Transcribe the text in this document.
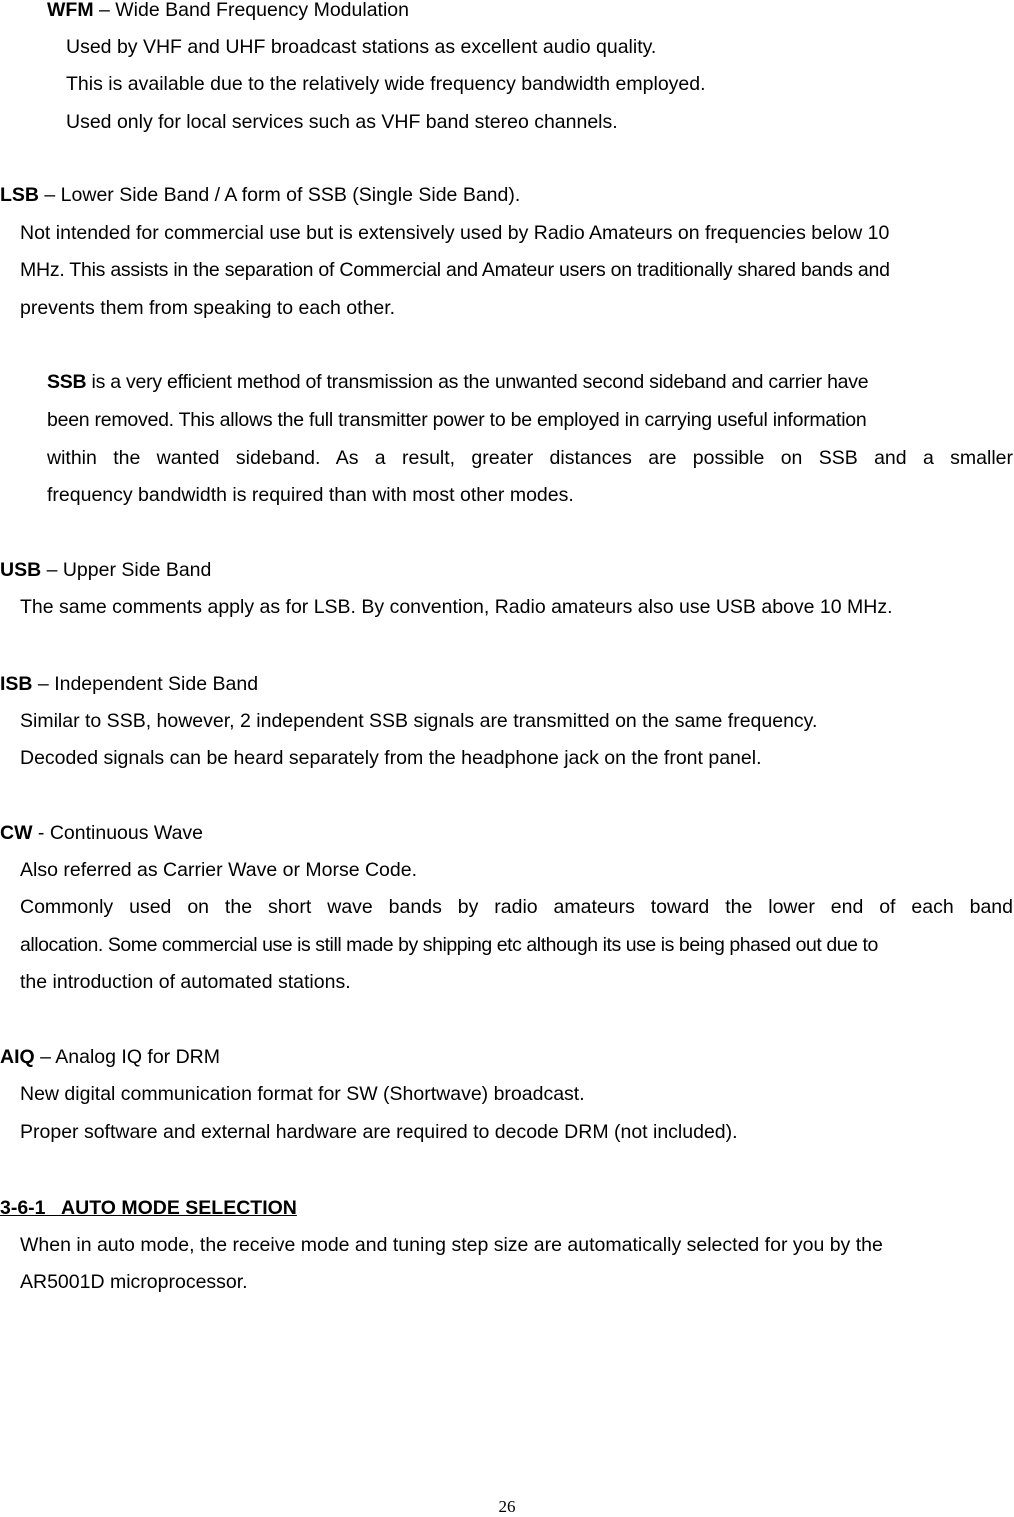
WFM – Wide Band Frequency Modulation
Used by VHF and UHF broadcast stations as excellent audio quality.
This is available due to the relatively wide frequency bandwidth employed.
Used only for local services such as VHF band stereo channels.
LSB – Lower Side Band / A form of SSB (Single Side Band).
Not intended for commercial use but is extensively used by Radio Amateurs on frequencies below 10
MHz. This assists in the separation of Commercial and Amateur users on traditionally shared bands and
prevents them from speaking to each other.
SSB is a very efficient method of transmission as the unwanted second sideband and carrier have
been removed. This allows the full transmitter power to be employed in carrying useful information
within the wanted sideband. As a result, greater distances are possible on SSB and a smaller
frequency bandwidth is required than with most other modes.
USB – Upper Side Band
The same comments apply as for LSB. By convention, Radio amateurs also use USB above 10 MHz.
ISB – Independent Side Band
Similar to SSB, however, 2 independent SSB signals are transmitted on the same frequency.
Decoded signals can be heard separately from the headphone jack on the front panel.
CW - Continuous Wave
Also referred as Carrier Wave or Morse Code.
Commonly used on the short wave bands by radio amateurs toward the lower end of each band
allocation. Some commercial use is still made by shipping etc although its use is being phased out due to
the introduction of automated stations.
AIQ – Analog IQ for DRM
New digital communication format for SW (Shortwave) broadcast.
Proper software and external hardware are required to decode DRM (not included).
3-6-1   AUTO MODE SELECTION
When in auto mode, the receive mode and tuning step size are automatically selected for you by the
AR5001D microprocessor.
26
